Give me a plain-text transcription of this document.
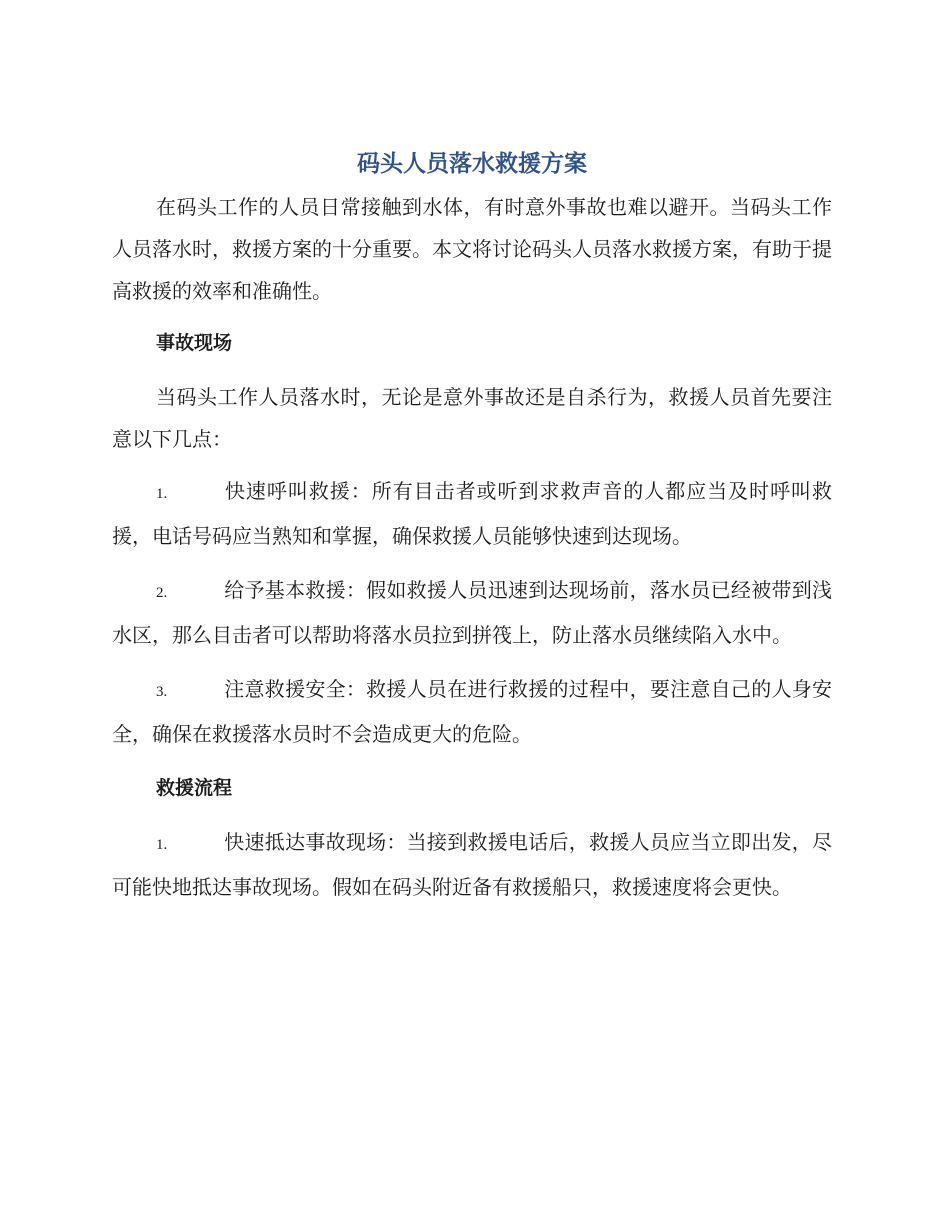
码头人员落水救援方案

在码头工作的人员日常接触到水体，有时意外事故也难以避开。当码头工作人员落水时，救援方案的十分重要。本文将讨论码头人员落水救援方案，有助于提高救援的效率和准确性。

事故现场

当码头工作人员落水时，无论是意外事故还是自杀行为，救援人员首先要注意以下几点：

1.	快速呼叫救援：所有目击者或听到求救声音的人都应当及时呼叫救援，电话号码应当熟知和掌握，确保救援人员能够快速到达现场。

2.	给予基本救援：假如救援人员迅速到达现场前，落水员已经被带到浅水区，那么目击者可以帮助将落水员拉到拼筏上，防止落水员继续陷入水中。

3.	注意救援安全：救援人员在进行救援的过程中，要注意自己的人身安全，确保在救援落水员时不会造成更大的危险。

救援流程

1.	快速抵达事故现场：当接到救援电话后，救援人员应当立即出发，尽可能快地抵达事故现场。假如在码头附近备有救援船只，救援速度将会更快。
